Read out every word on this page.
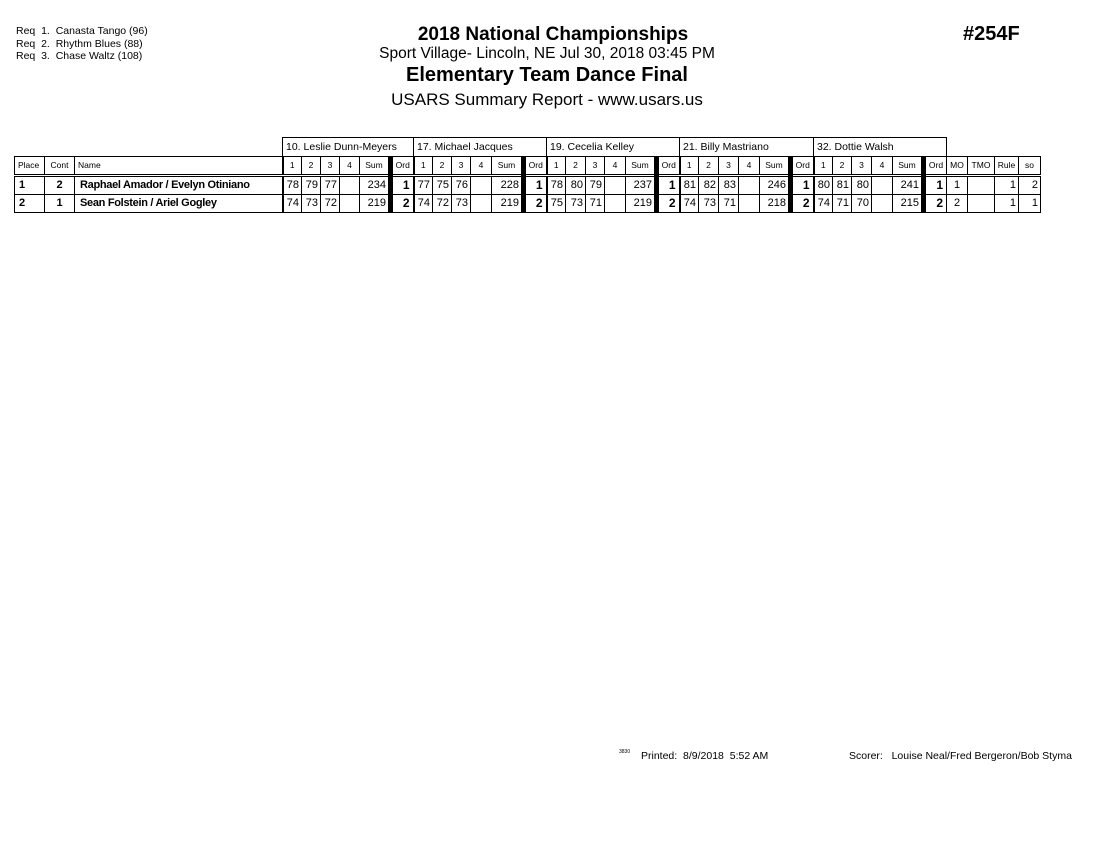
Req  1.  Canasta Tango (96)
Req  2.  Rhythm Blues (88)
Req  3.  Chase Waltz (108)
2018 National Championships
Sport Village- Lincoln, NE Jul 30, 2018 03:45 PM
Elementary Team Dance Final
USARS Summary Report - www.usars.us
#254F
			10. Leslie Dunn-Meyers						17. Michael Jacques						19. Cecelia Kelley						21. Billy Mastriano						32. Dottie Walsh									
Place	Cont	Name	1	2	3	4	Sum	Ord	1	2	3	4	Sum	Ord	1	2	3	4	Sum	Ord	1	2	3	4	Sum	Ord	1	2	3	4	Sum	Ord	MO	TMO	Rule	so
1	2	Raphael Amador / Evelyn Otiniano	78	79	77		234	1	77	75	76		228	1	78	80	79		237	1	81	82	83		246	1	80	81	80		241	1	1		1	2
2	1	Sean Folstein / Ariel Gogley	74	73	72		219	2	74	72	73		219	2	75	73	71		219	2	74	73	71		218	2	74	71	70		215	2	2		1	1
3830 Printed:  8/9/2018  5:52 AM	Scorer:   Louise Neal/Fred Bergeron/Bob Styma
